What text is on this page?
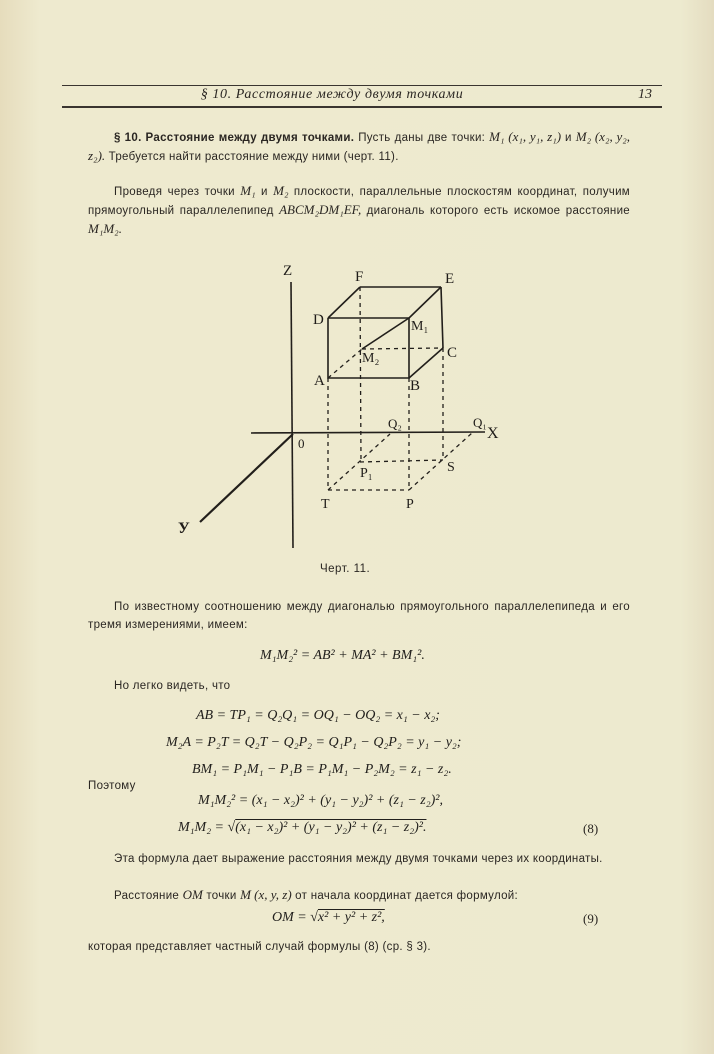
§ 10. Расстояние между двумя точками	13
§ 10. Расстояние между двумя точками. Пусть даны две точки: M₁ (x₁, y₁, z₁) и M₂ (x₂, y₂, z₂). Требуется найти расстояние между ними (черт. 11).
Проведя через точки M₁ и M₂ плоскости, параллельные плоскостям координат, получим прямоугольный параллелепипед ABCM₂DM₁EF, диагональ которого есть искомое расстояние M₁M₂.
Z
X
У
0
A	B
C
D
E
F
M₁
M₂
Q₂	Q₁
P₁	S
T	P
Черт. 11.
По известному соотношению между диагональю прямоугольного параллелепипеда и его тремя измерениями, имеем:
M₁M₂² = AB² + MA² + BM₁².
Но легко видеть, что
AB = TP₁ = Q₂Q₁ = OQ₁ − OQ₂ = x₁ − x₂;
M₂A = P₂T = Q₂T − Q₂P₂ = Q₁P₁ − Q₂P₂ = y₁ − y₂;
BM₁ = P₁M₁ − P₁B = P₁M₁ − P₂M₂ = z₁ − z₂.
Поэтому
M₁M₂² = (x₁ − x₂)² + (y₁ − y₂)² + (z₁ − z₂)²,
M₁M₂ = √(x₁ − x₂)² + (y₁ − y₂)² + (z₁ − z₂)².	(8)
Эта формула дает выражение расстояния между двумя точками через их координаты.
Расстояние OM точки M (x, y, z) от начала координат дается формулой:
OM = √x² + y² + z²,	(9)
которая представляет частный случай формулы (8) (ср. § 3).
